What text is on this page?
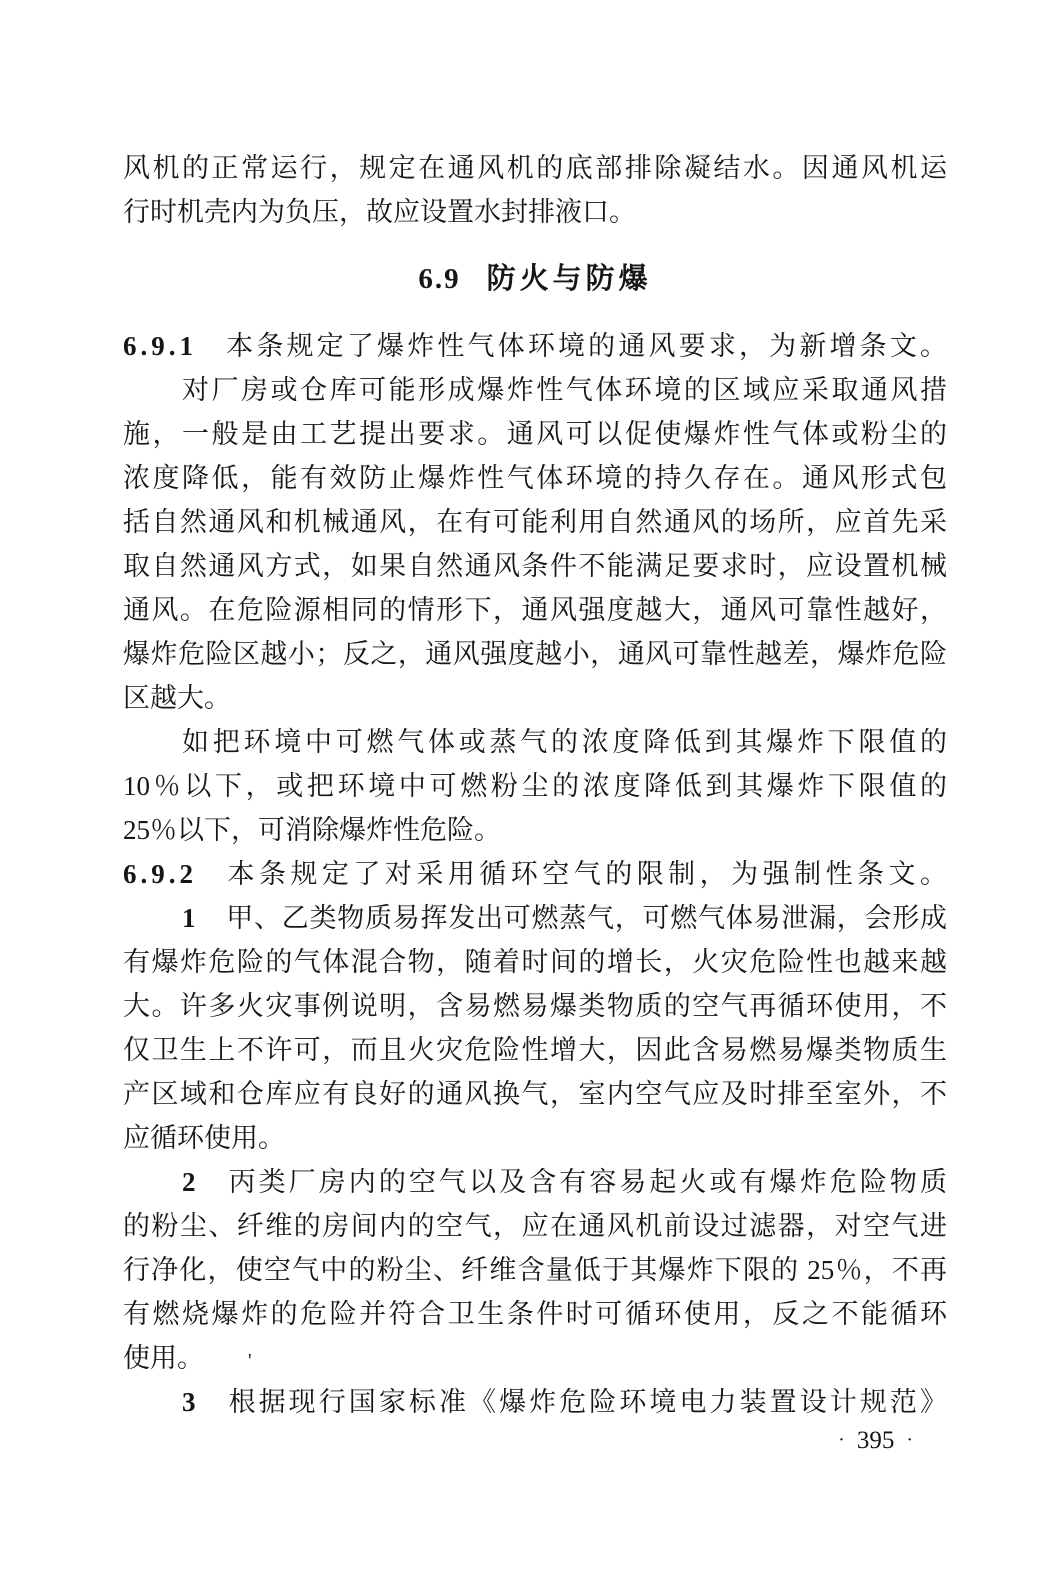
风机的正常运行，规定在通风机的底部排除凝结水。因通风机运
行时机壳内为负压，故应设置水封排液口。
6.9 防火与防爆
6.9.1 本条规定了爆炸性气体环境的通风要求，为新增条文。
对厂房或仓库可能形成爆炸性气体环境的区域应采取通风措
施，一般是由工艺提出要求。通风可以促使爆炸性气体或粉尘的
浓度降低，能有效防止爆炸性气体环境的持久存在。通风形式包
括自然通风和机械通风，在有可能利用自然通风的场所，应首先采
取自然通风方式，如果自然通风条件不能满足要求时，应设置机械
通风。在危险源相同的情形下，通风强度越大，通风可靠性越好，
爆炸危险区越小；反之，通风强度越小，通风可靠性越差，爆炸危险
区越大。
如把环境中可燃气体或蒸气的浓度降低到其爆炸下限值的
10％以下，或把环境中可燃粉尘的浓度降低到其爆炸下限值的
25％以下，可消除爆炸性危险。
6.9.2 本条规定了对采用循环空气的限制，为强制性条文。
1 甲、乙类物质易挥发出可燃蒸气，可燃气体易泄漏，会形成
有爆炸危险的气体混合物，随着时间的增长，火灾危险性也越来越
大。许多火灾事例说明，含易燃易爆类物质的空气再循环使用，不
仅卫生上不许可，而且火灾危险性增大，因此含易燃易爆类物质生
产区域和仓库应有良好的通风换气，室内空气应及时排至室外，不
应循环使用。
2 丙类厂房内的空气以及含有容易起火或有爆炸危险物质
的粉尘、纤维的房间内的空气，应在通风机前设过滤器，对空气进
行净化，使空气中的粉尘、纤维含量低于其爆炸下限的 25％，不再
有燃烧爆炸的危险并符合卫生条件时可循环使用，反之不能循环
使用。 '
3 根据现行国家标准《爆炸危险环境电力装置设计规范》
· 395 ·
